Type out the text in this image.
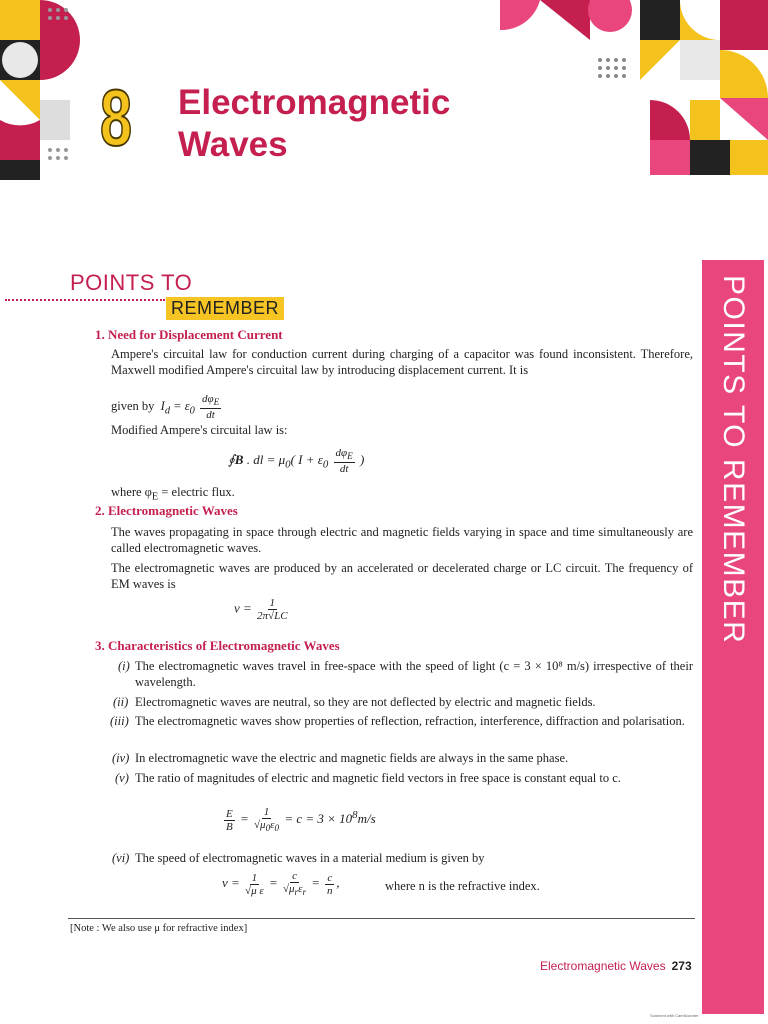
8 Electromagnetic
Waves
POINTS TO
REMEMBER	POINTS TO REMEMBER
1. Need for Displacement Current
Ampere's circuital law for conduction current during charging of a capacitor was found inconsistent. Therefore, Maxwell modified Ampere's circuital law by introducing displacement current. It is
given by  $I_d = \varepsilon_0 \frac{d\varphi_E}{dt}$
Modified Ampere's circuital law is:
∮B . dl = $\mu_0$( $I + \varepsilon_0 \frac{d\varphi_E}{dt}$ )
where $\varphi_E$ = electric flux.
2. Electromagnetic Waves
The waves propagating in space through electric and magnetic fields varying in space and time simultaneously are called electromagnetic waves.
The electromagnetic waves are produced by an accelerated or decelerated charge or LC circuit. The frequency of EM waves is
$\nu = \frac{1}{2\pi√LC}$
3. Characteristics of Electromagnetic Waves
(i) The electromagnetic waves travel in free-space with the speed of light (c = 3 × 10⁸ m/s) irrespective of their wavelength.
(ii) Electromagnetic waves are neutral, so they are not deflected by electric and magnetic fields.
(iii) The electromagnetic waves show properties of reflection, refraction, interference, diffraction and polarisation.
(iv) In electromagnetic wave the electric and magnetic fields are always in the same phase.
(v) The ratio of magnitudes of electric and magnetic field vectors in free space is constant equal to c.
$\frac{E}{B} = \frac{1}{√\mu_0\varepsilon_0} = c = 3 \times 10^8m/s$
(vi) The speed of electromagnetic waves in a material medium is given by
$v = \frac{1}{\text{√μ ε}} = \frac{c}{√\mu_r\varepsilon_r} = \frac{c}{n}$ ,	where n is the refractive index.
[Note : We also use μ for refractive index]
Electromagnetic Waves 273
Scanned with CamScanner
